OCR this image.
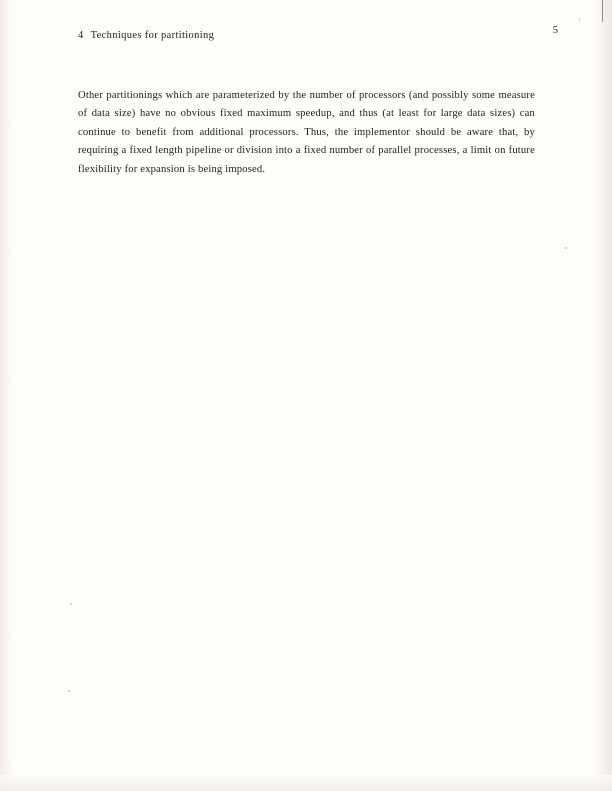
'
4 Techniques for partitioning	5

Other partitionings which are parameterized by the number of processors (and possibly some measure of data size) have no obvious fixed maximum speedup, and thus (at least for large data sizes) can continue to benefit from additional processors. Thus, the implementor should be aware that, by requiring a fixed length pipeline or division into a fixed number of parallel processes, a limit on future flexibility for expansion is being imposed.
